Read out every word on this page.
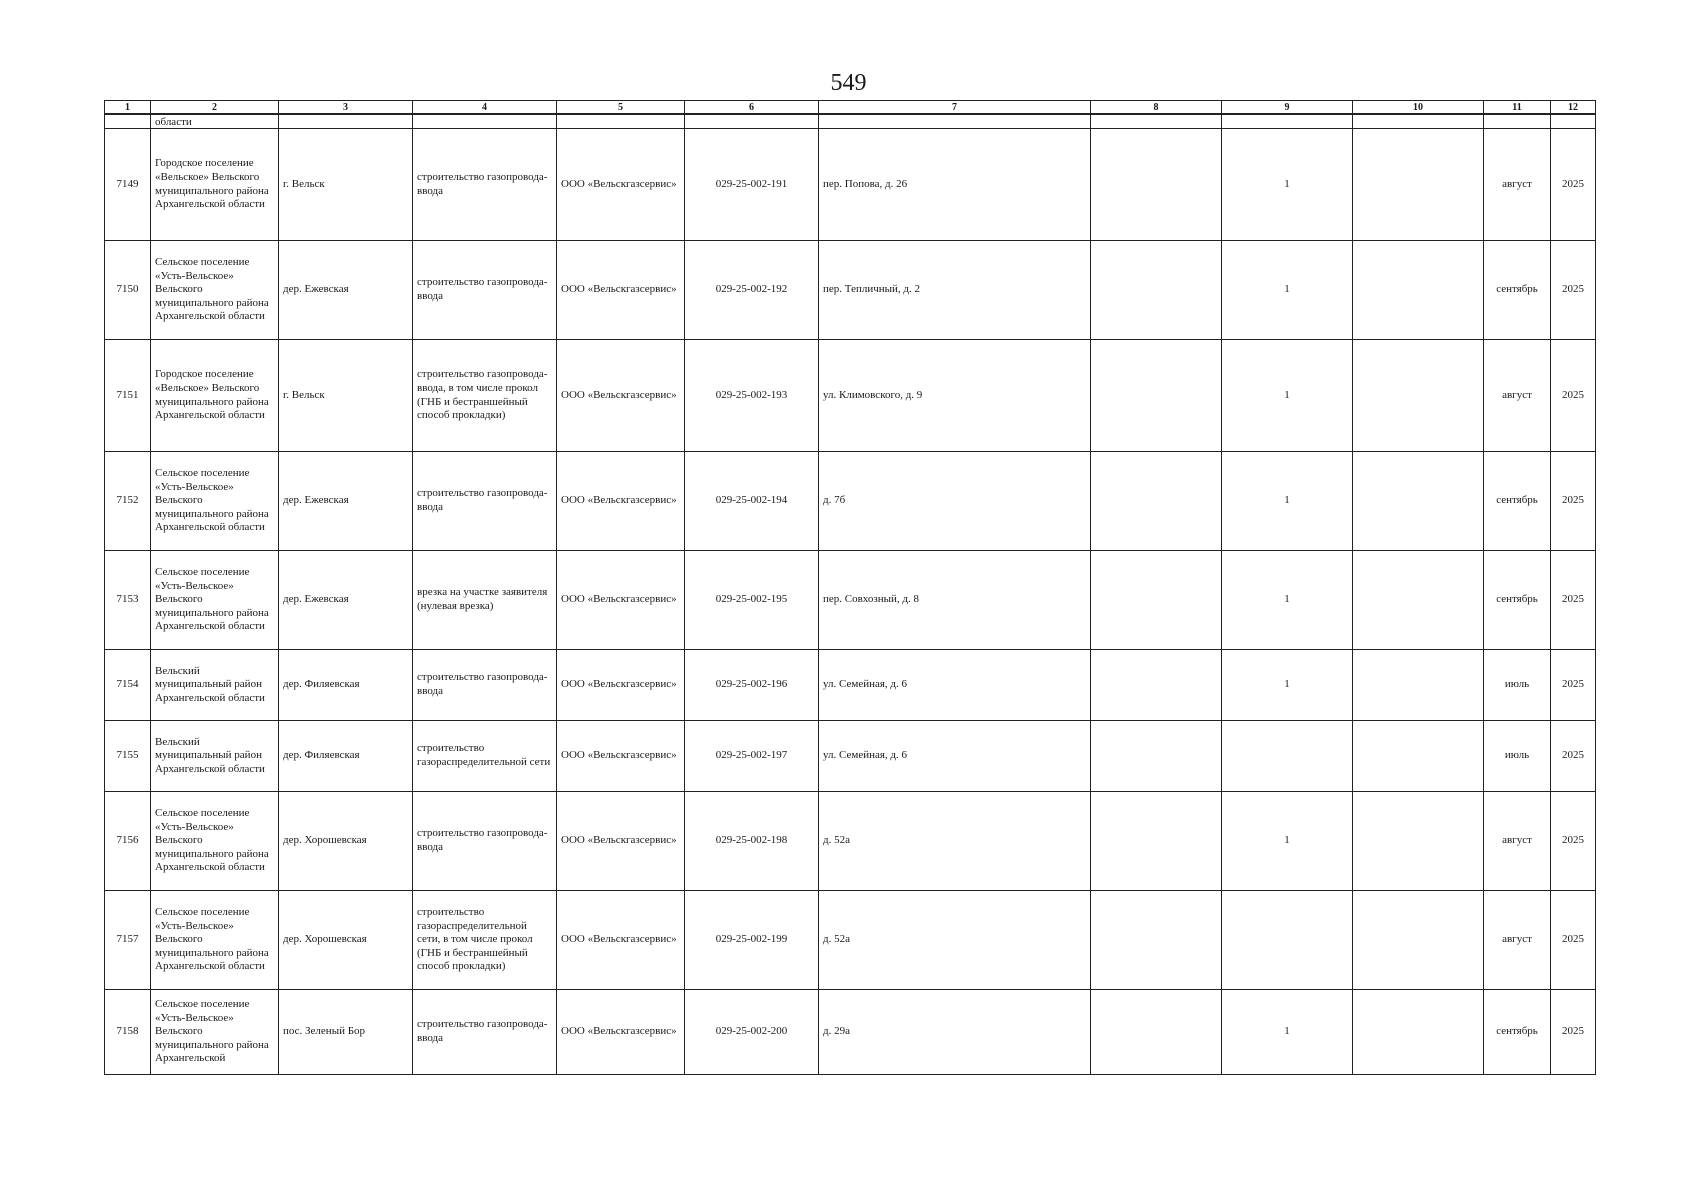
549
1	2	3	4	5	6	7	8	9	10	11	12
	области										
7149	Городское поселение «Вельское» Вельского муниципального района Архангельской области	г. Вельск	строительство газопровода-ввода	ООО «Вельскгазсервис»	029-25-002-191	пер. Попова, д. 26		1		август	2025
7150	Сельское поселение «Усть-Вельское» Вельского муниципального района Архангельской области	дер. Ежевская	строительство газопровода-ввода	ООО «Вельскгазсервис»	029-25-002-192	пер. Тепличный, д. 2		1		сентябрь	2025
7151	Городское поселение «Вельское» Вельского муниципального района Архангельской области	г. Вельск	строительство газопровода-ввода, в том числе прокол (ГНБ и бестраншейный способ прокладки)	ООО «Вельскгазсервис»	029-25-002-193	ул. Климовского, д. 9		1		август	2025
7152	Сельское поселение «Усть-Вельское» Вельского муниципального района Архангельской области	дер. Ежевская	строительство газопровода-ввода	ООО «Вельскгазсервис»	029-25-002-194	д. 7б		1		сентябрь	2025
7153	Сельское поселение «Усть-Вельское» Вельского муниципального района Архангельской области	дер. Ежевская	врезка на участке заявителя (нулевая врезка)	ООО «Вельскгазсервис»	029-25-002-195	пер. Совхозный, д. 8		1		сентябрь	2025
7154	Вельский муниципальный район Архангельской области	дер. Филяевская	строительство газопровода-ввода	ООО «Вельскгазсервис»	029-25-002-196	ул. Семейная, д. 6		1		июль	2025
7155	Вельский муниципальный район Архангельской области	дер. Филяевская	строительство газораспределительной сети	ООО «Вельскгазсервис»	029-25-002-197	ул. Семейная, д. 6				июль	2025
7156	Сельское поселение «Усть-Вельское» Вельского муниципального района Архангельской области	дер. Хорошевская	строительство газопровода-ввода	ООО «Вельскгазсервис»	029-25-002-198	д. 52а		1		август	2025
7157	Сельское поселение «Усть-Вельское» Вельского муниципального района Архангельской области	дер. Хорошевская	строительство газораспределительной сети, в том числе прокол (ГНБ и бестраншейный способ прокладки)	ООО «Вельскгазсервис»	029-25-002-199	д. 52а				август	2025
7158	Сельское поселение «Усть-Вельское» Вельского муниципального района Архангельской	пос. Зеленый Бор	строительство газопровода-ввода	ООО «Вельскгазсервис»	029-25-002-200	д. 29а		1		сентябрь	2025
